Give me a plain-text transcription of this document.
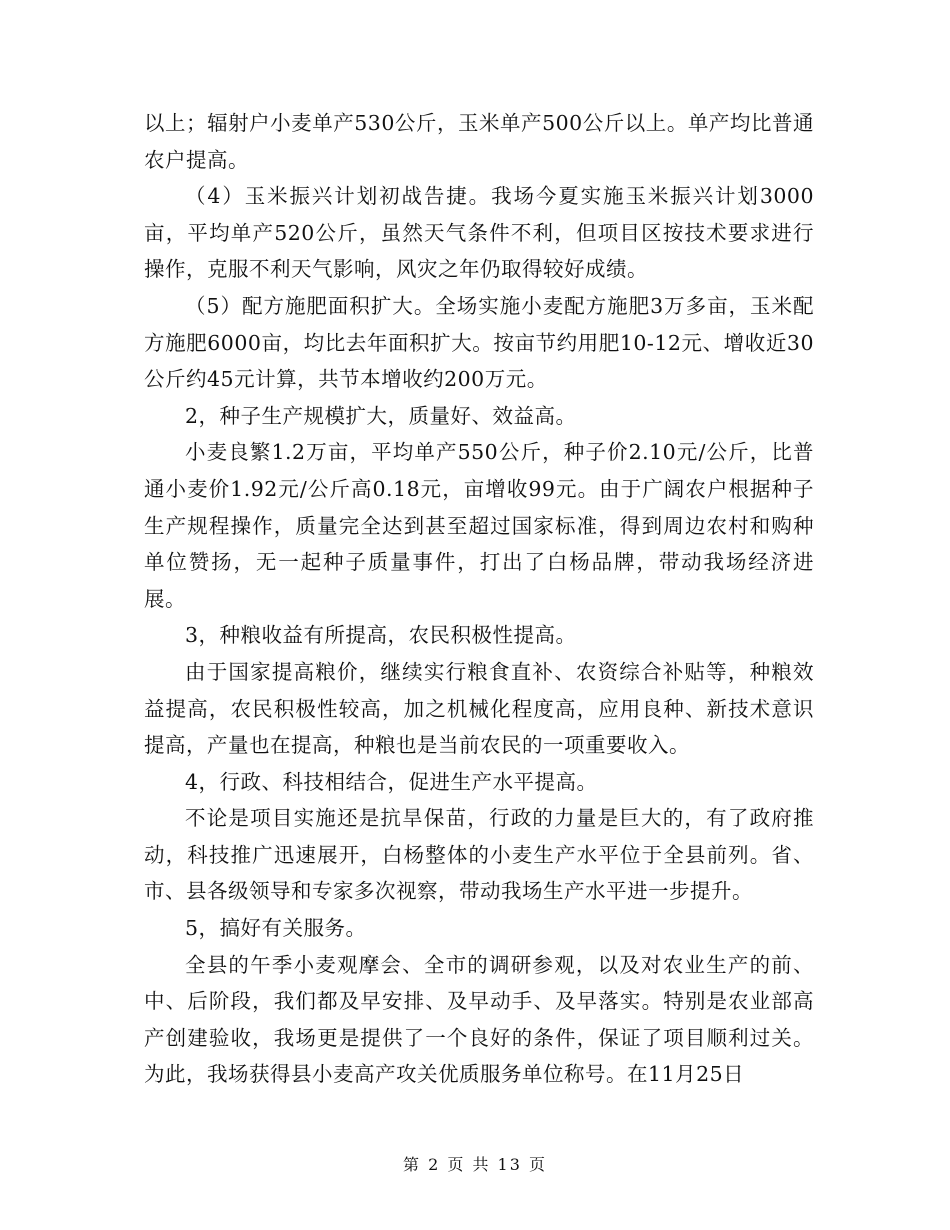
以上；辐射户小麦单产530公斤，玉米单产500公斤以上。单产均比普通农户提高。

（4）玉米振兴计划初战告捷。我场今夏实施玉米振兴计划3000亩，平均单产520公斤，虽然天气条件不利，但项目区按技术要求进行操作，克服不利天气影响，风灾之年仍取得较好成绩。

（5）配方施肥面积扩大。全场实施小麦配方施肥3万多亩，玉米配方施肥6000亩，均比去年面积扩大。按亩节约用肥10-12元、增收近30公斤约45元计算，共节本增收约200万元。

2，种子生产规模扩大，质量好、效益高。

小麦良繁1.2万亩，平均单产550公斤，种子价2.10元/公斤，比普通小麦价1.92元/公斤高0.18元，亩增收99元。由于广阔农户根据种子生产规程操作，质量完全达到甚至超过国家标准，得到周边农村和购种单位赞扬，无一起种子质量事件，打出了白杨品牌，带动我场经济进展。

3，种粮收益有所提高，农民积极性提高。

由于国家提高粮价，继续实行粮食直补、农资综合补贴等，种粮效益提高，农民积极性较高，加之机械化程度高，应用良种、新技术意识提高，产量也在提高，种粮也是当前农民的一项重要收入。

4，行政、科技相结合，促进生产水平提高。

不论是项目实施还是抗旱保苗，行政的力量是巨大的，有了政府推动，科技推广迅速展开，白杨整体的小麦生产水平位于全县前列。省、市、县各级领导和专家多次视察，带动我场生产水平进一步提升。

5，搞好有关服务。

全县的午季小麦观摩会、全市的调研参观，以及对农业生产的前、中、后阶段，我们都及早安排、及早动手、及早落实。特别是农业部高产创建验收，我场更是提供了一个良好的条件，保证了项目顺利过关。为此，我场获得县小麦高产攻关优质服务单位称号。在11月25日

第 2 页 共 13 页
